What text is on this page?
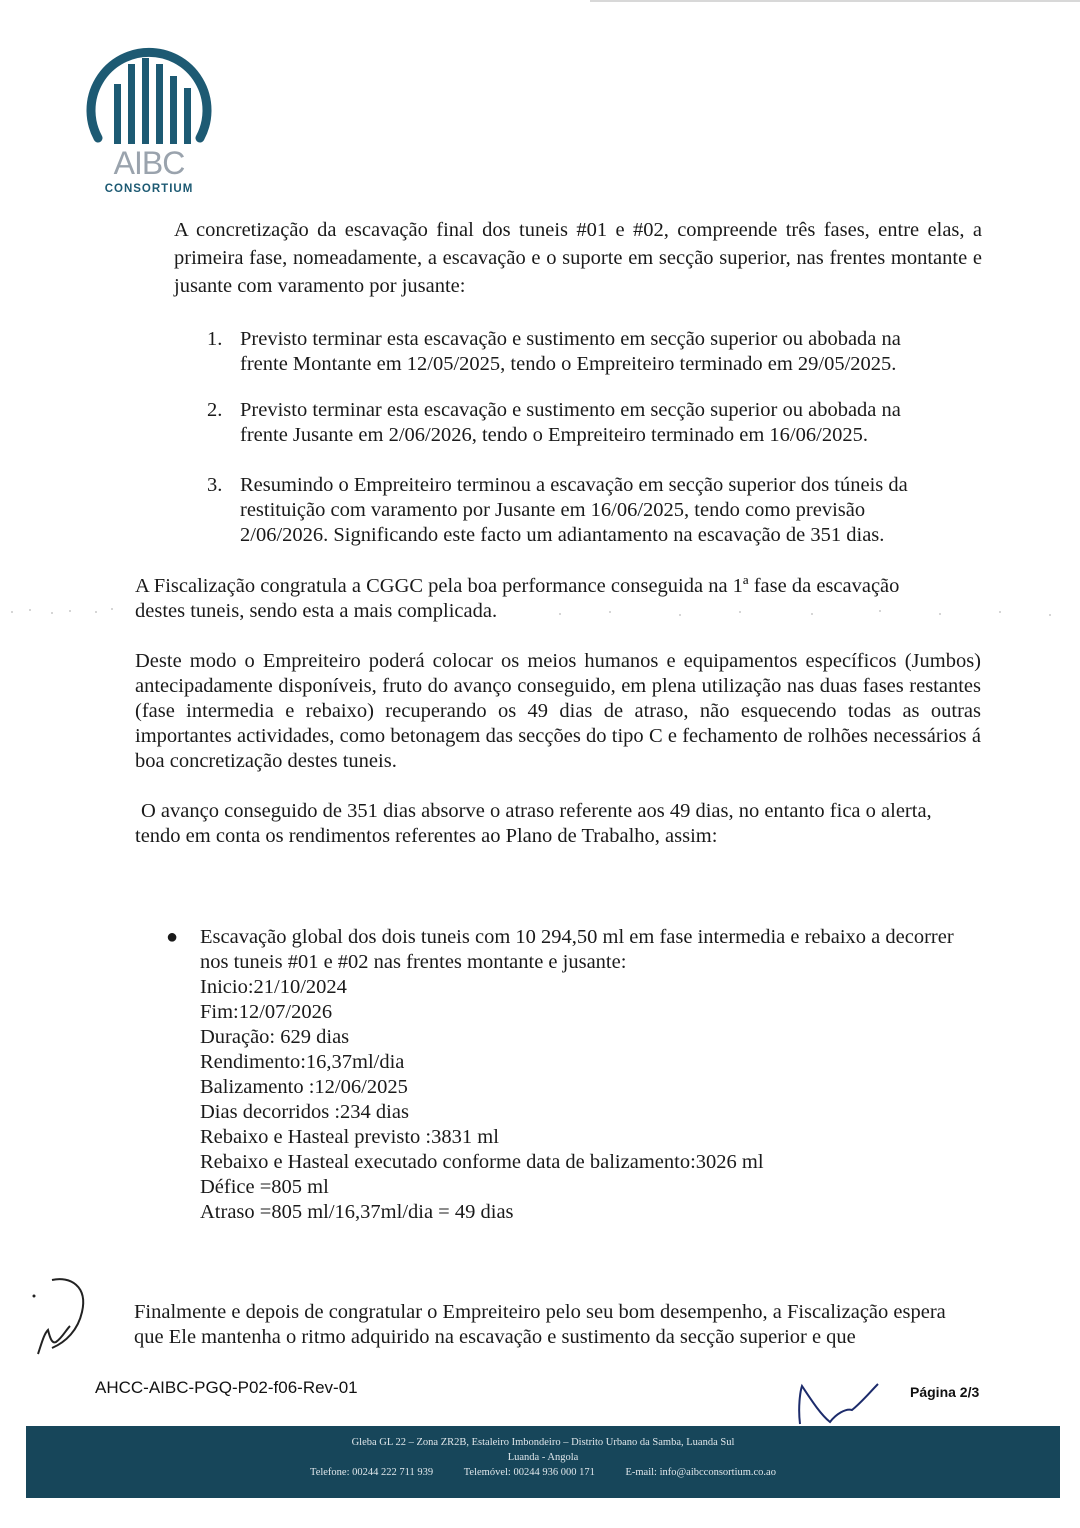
AIBC
CONSORTIUM

A concretização da escavação final dos tuneis #01 e #02, compreende três fases, entre elas, a primeira fase, nomeadamente, a escavação e o suporte em secção superior, nas frentes montante e jusante com varamento por jusante:

1. Previsto terminar esta escavação e sustimento em secção superior ou abobada na frente Montante em 12/05/2025, tendo o Empreiteiro terminado em 29/05/2025.
2. Previsto terminar esta escavação e sustimento em secção superior ou abobada na frente Jusante em 2/06/2026, tendo o Empreiteiro terminado em 16/06/2025.
3. Resumindo o Empreiteiro terminou a escavação em secção superior dos túneis da restituição com varamento por Jusante em 16/06/2025, tendo como previsão 2/06/2026. Significando este facto um adiantamento na escavação de 351 dias.

A Fiscalização congratula a CGGC pela boa performance conseguida na 1ª fase da escavação destes tuneis, sendo esta a mais complicada.

Deste modo o Empreiteiro poderá colocar os meios humanos e equipamentos específicos (Jumbos) antecipadamente disponíveis, fruto do avanço conseguido, em plena utilização nas duas fases restantes (fase intermedia e rebaixo) recuperando os 49 dias de atraso, não esquecendo todas as outras importantes actividades, como betonagem das secções do tipo C e fechamento de rolhões necessários á boa concretização destes tuneis.

O avanço conseguido de 351 dias absorve o atraso referente aos 49 dias, no entanto fica o alerta, tendo em conta os rendimentos referentes ao Plano de Trabalho, assim:

● Escavação global dos dois tuneis com 10 294,50 ml em fase intermedia e rebaixo a decorrer nos tuneis #01 e #02 nas frentes montante e jusante:
Inicio:21/10/2024
Fim:12/07/2026
Duração: 629 dias
Rendimento:16,37ml/dia
Balizamento :12/06/2025
Dias decorridos :234 dias
Rebaixo e Hasteal previsto :3831 ml
Rebaixo e Hasteal executado conforme data de balizamento:3026 ml
Défice =805 ml
Atraso =805 ml/16,37ml/dia = 49 dias

Finalmente e depois de congratular o Empreiteiro pelo seu bom desempenho, a Fiscalização espera que Ele mantenha o ritmo adquirido na escavação e sustimento da secção superior e que

AHCC-AIBC-PGQ-P02-f06-Rev-01	Página 2/3
Gleba GL 22 – Zona ZR2B, Estaleiro Imbondeiro – Distrito Urbano da Samba, Luanda Sul
Luanda - Angola
Telefone: 00244 222 711 939	Telemóvel: 00244 936 000 171	E-mail: info@aibcconsortium.co.ao
